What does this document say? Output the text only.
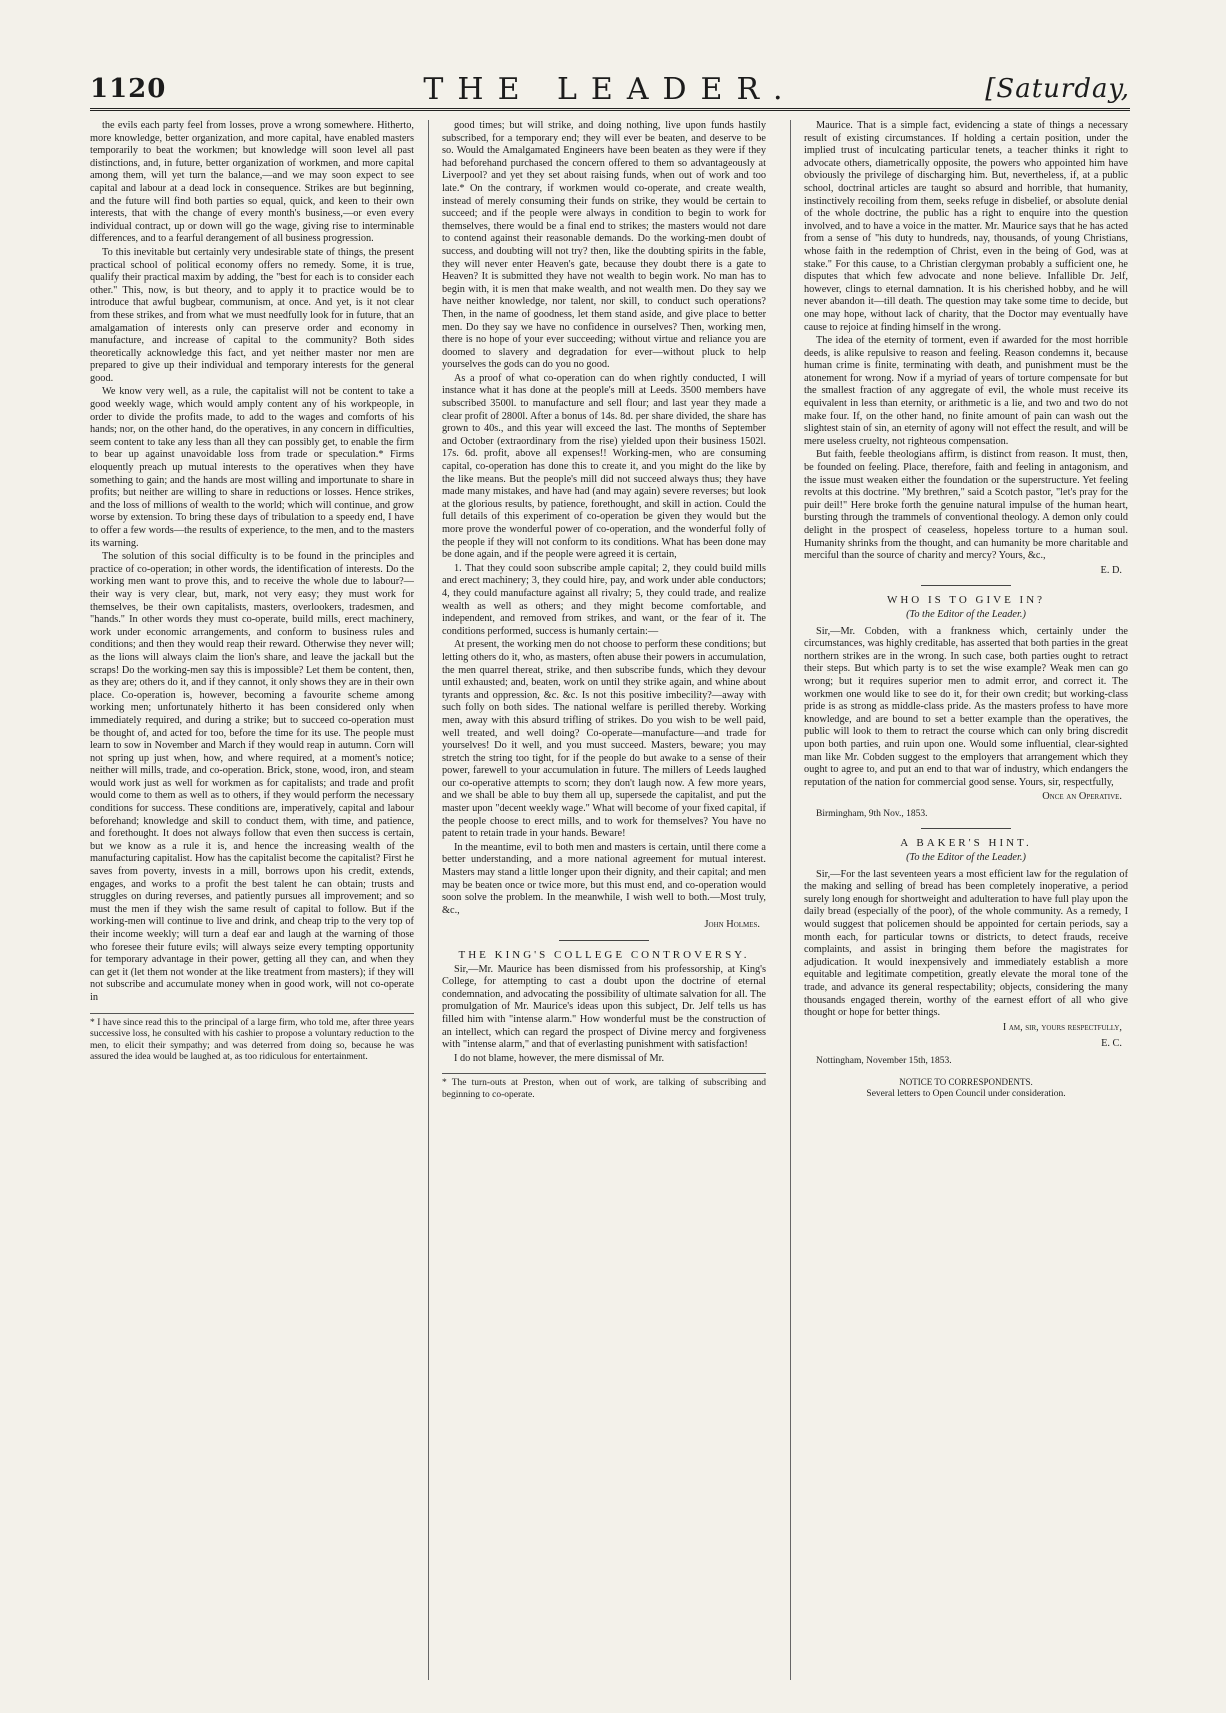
1120	THE LEADER.	[Saturday,

the evils each party feel from losses, prove a wrong somewhere. Hitherto, more knowledge, better organization, and more capital, have enabled masters temporarily to beat the workmen; but knowledge will soon level all past distinctions, and, in future, better organization of workmen, and more capital among them, will yet turn the balance,—and we may soon expect to see capital and labour at a dead lock in consequence. Strikes are but beginning, and the future will find both parties so equal, quick, and keen to their own interests, that with the change of every month's business,—or even every individual contract, up or down will go the wage, giving rise to interminable differences, and to a fearful derangement of all business progression.

To this inevitable but certainly very undesirable state of things, the present practical school of political economy offers no remedy. Some, it is true, qualify their practical maxim by adding, the "best for each is to consider each other." This, now, is but theory, and to apply it to practice would be to introduce that awful bugbear, communism, at once. And yet, is it not clear from these strikes, and from what we must needfully look for in future, that an amalgamation of interests only can preserve order and economy in manufacture, and increase of capital to the community? Both sides theoretically acknowledge this fact, and yet neither master nor men are prepared to give up their individual and temporary interests for the general good.

We know very well, as a rule, the capitalist will not be content to take a good weekly wage, which would amply content any of his workpeople, in order to divide the profits made, to add to the wages and comforts of his hands; nor, on the other hand, do the operatives, in any concern in difficulties, seem content to take any less than all they can possibly get, to enable the firm to bear up against unavoidable loss from trade or speculation.* Firms eloquently preach up mutual interests to the operatives when they have something to gain; and the hands are most willing and importunate to share in profits; but neither are willing to share in reductions or losses. Hence strikes, and the loss of millions of wealth to the world; which will continue, and grow worse by extension. To bring these days of tribulation to a speedy end, I have to offer a few words—the results of experience, to the men, and to the masters its warning.

The solution of this social difficulty is to be found in the principles and practice of co-operation; in other words, the identification of interests. Do the working men want to prove this, and to receive the whole due to labour?—their way is very clear, but, mark, not very easy; they must work for themselves, be their own capitalists, masters, overlookers, tradesmen, and "hands." In other words they must co-operate, build mills, erect machinery, work under economic arrangements, and conform to business rules and conditions; and then they would reap their reward. Otherwise they never will; as the lions will always claim the lion's share, and leave the jackall but the scraps! Do the working-men say this is impossible? Let them be content, then, as they are; others do it, and if they cannot, it only shows they are in their own place. Co-operation is, however, becoming a favourite scheme among working men; unfortunately hitherto it has been considered only when immediately required, and during a strike; but to succeed co-operation must be thought of, and acted for too, before the time for its use. The people must learn to sow in November and March if they would reap in autumn. Corn will not spring up just when, how, and where required, at a moment's notice; neither will mills, trade, and co-operation. Brick, stone, wood, iron, and steam would work just as well for workmen as for capitalists; and trade and profit would come to them as well as to others, if they would perform the necessary conditions for success. These conditions are, imperatively, capital and labour beforehand; knowledge and skill to conduct them, with time, and patience, and forethought. It does not always follow that even then success is certain, but we know as a rule it is, and hence the increasing wealth of the manufacturing capitalist. How has the capitalist become the capitalist? First he saves from poverty, invests in a mill, borrows upon his credit, extends, engages, and works to a profit the best talent he can obtain; trusts and struggles on during reverses, and patiently pursues all improvement; and so must the men if they wish the same result of capital to follow. But if the working-men will continue to live and drink, and cheap trip to the very top of their income weekly; will turn a deaf ear and laugh at the warning of those who foresee their future evils; will always seize every tempting opportunity for temporary advantage in their power, getting all they can, and when they can get it (let them not wonder at the like treatment from masters); if they will not subscribe and accumulate money when in good work, will not co-operate in

* I have since read this to the principal of a large firm, who told me, after three years successive loss, he consulted with his cashier to propose a voluntary reduction to the men, to elicit their sympathy; and was deterred from doing so, because he was assured the idea would be laughed at, as too ridiculous for entertainment.

good times; but will strike, and doing nothing, live upon funds hastily subscribed, for a temporary end; they will ever be beaten, and deserve to be so. Would the Amalgamated Engineers have been beaten as they were if they had beforehand purchased the concern offered to them so advantageously at Liverpool? and yet they set about raising funds, when out of work and too late.* On the contrary, if workmen would co-operate, and create wealth, instead of merely consuming their funds on strike, they would be certain to succeed; and if the people were always in condition to begin to work for themselves, there would be a final end to strikes; the masters would not dare to contend against their reasonable demands. Do the working-men doubt of success, and doubting will not try? then, like the doubting spirits in the fable, they will never enter Heaven's gate, because they doubt there is a gate to Heaven? It is submitted they have not wealth to begin work. No man has to begin with, it is men that make wealth, and not wealth men. Do they say we have neither knowledge, nor talent, nor skill, to conduct such operations? Then, in the name of goodness, let them stand aside, and give place to better men. Do they say we have no confidence in ourselves? Then, working men, there is no hope of your ever succeeding; without virtue and reliance you are doomed to slavery and degradation for ever—without pluck to help yourselves the gods can do you no good.

As a proof of what co-operation can do when rightly conducted, I will instance what it has done at the people's mill at Leeds. 3500 members have subscribed 3500l. to manufacture and sell flour; and last year they made a clear profit of 2800l. After a bonus of 14s. 8d. per share divided, the share has grown to 40s., and this year will exceed the last. The months of September and October (extraordinary from the rise) yielded upon their business 1502l. 17s. 6d. profit, above all expenses!! Working-men, who are consuming capital, co-operation has done this to create it, and you might do the like by the like means. But the people's mill did not succeed always thus; they have made many mistakes, and have had (and may again) severe reverses; but look at the glorious results, by patience, forethought, and skill in action. Could the full details of this experiment of co-operation be given they would but the more prove the wonderful power of co-operation, and the wonderful folly of the people if they will not conform to its conditions. What has been done may be done again, and if the people were agreed it is certain,

1. That they could soon subscribe ample capital; 2, they could build mills and erect machinery; 3, they could hire, pay, and work under able conductors; 4, they could manufacture against all rivalry; 5, they could trade, and realize wealth as well as others; and they might become comfortable, and independent, and removed from strikes, and want, or the fear of it. The conditions performed, success is humanly certain:—

At present, the working men do not choose to perform these conditions; but letting others do it, who, as masters, often abuse their powers in accumulation, the men quarrel thereat, strike, and then subscribe funds, which they devour until exhausted; and, beaten, work on until they strike again, and whine about tyrants and oppression, &c. &c. Is not this positive imbecility?—away with such folly on both sides. The national welfare is perilled thereby. Working men, away with this absurd trifling of strikes. Do you wish to be well paid, well treated, and well doing? Co-operate—manufacture—and trade for yourselves! Do it well, and you must succeed. Masters, beware; you may stretch the string too tight, for if the people do but awake to a sense of their power, farewell to your accumulation in future. The millers of Leeds laughed our co-operative attempts to scorn; they don't laugh now. A few more years, and we shall be able to buy them all up, supersede the capitalist, and put the master upon "decent weekly wage." What will become of your fixed capital, if the people choose to erect mills, and to work for themselves? You have no patent to retain trade in your hands. Beware!

In the meantime, evil to both men and masters is certain, until there come a better understanding, and a more national agreement for mutual interest. Masters may stand a little longer upon their dignity, and their capital; and men may be beaten once or twice more, but this must end, and co-operation would soon solve the problem. In the meanwhile, I wish well to both.—Most truly, &c.,

John Holmes.
THE KING'S COLLEGE CONTROVERSY.

Sir,—Mr. Maurice has been dismissed from his professorship, at King's College, for attempting to cast a doubt upon the doctrine of eternal condemnation, and advocating the possibility of ultimate salvation for all. The promulgation of Mr. Maurice's ideas upon this subject, Dr. Jelf tells us has filled him with "intense alarm." How wonderful must be the construction of an intellect, which can regard the prospect of Divine mercy and forgiveness with "intense alarm," and that of everlasting punishment with satisfaction!

I do not blame, however, the mere dismissal of Mr.

* The turn-outs at Preston, when out of work, are talking of subscribing and beginning to co-operate.

Maurice. That is a simple fact, evidencing a state of things a necessary result of existing circumstances. If holding a certain position, under the implied trust of inculcating particular tenets, a teacher thinks it right to advocate others, diametrically opposite, the powers who appointed him have obviously the privilege of discharging him. But, nevertheless, if, at a public school, doctrinal articles are taught so absurd and horrible, that humanity, instinctively recoiling from them, seeks refuge in disbelief, or absolute denial of the whole doctrine, the public has a right to enquire into the question involved, and to have a voice in the matter. Mr. Maurice says that he has acted from a sense of "his duty to hundreds, nay, thousands, of young Christians, whose faith in the redemption of Christ, even in the being of God, was at stake." For this cause, to a Christian clergyman probably a sufficient one, he disputes that which few advocate and none believe. Infallible Dr. Jelf, however, clings to eternal damnation. It is his cherished hobby, and he will never abandon it—till death. The question may take some time to decide, but one may hope, without lack of charity, that the Doctor may eventually have cause to rejoice at finding himself in the wrong.

The idea of the eternity of torment, even if awarded for the most horrible deeds, is alike repulsive to reason and feeling. Reason condemns it, because human crime is finite, terminating with death, and punishment must be the atonement for wrong. Now if a myriad of years of torture compensate for but the smallest fraction of any aggregate of evil, the whole must receive its equivalent in less than eternity, or arithmetic is a lie, and two and two do not make four. If, on the other hand, no finite amount of pain can wash out the slightest stain of sin, an eternity of agony will not effect the result, and will be mere useless cruelty, not righteous compensation.

But faith, feeble theologians affirm, is distinct from reason. It must, then, be founded on feeling. Place, therefore, faith and feeling in antagonism, and the issue must weaken either the foundation or the superstructure. Yet feeling revolts at this doctrine. "My brethren," said a Scotch pastor, "let's pray for the puir deil!" Here broke forth the genuine natural impulse of the human heart, bursting through the trammels of conventional theology. A demon only could delight in the prospect of ceaseless, hopeless torture to a human soul. Humanity shrinks from the thought, and can humanity be more charitable and merciful than the source of charity and mercy? Yours, &c.,

E. D.
WHO IS TO GIVE IN?
(To the Editor of the Leader.)

Sir,—Mr. Cobden, with a frankness which, certainly under the circumstances, was highly creditable, has asserted that both parties in the great northern strikes are in the wrong. In such case, both parties ought to retract their steps. But which party is to set the wise example? Weak men can go wrong; but it requires superior men to admit error, and correct it. The workmen one would like to see do it, for their own credit; but working-class pride is as strong as middle-class pride. As the masters profess to have more knowledge, and are bound to set a better example than the operatives, the public will look to them to retract the course which can only bring discredit upon both parties, and ruin upon one. Would some influential, clear-sighted man like Mr. Cobden suggest to the employers that arrangement which they ought to agree to, and put an end to that war of industry, which endangers the reputation of the nation for commercial good sense. Yours, sir, respectfully,

Once an Operative.
Birmingham, 9th Nov., 1853.
A BAKER'S HINT.
(To the Editor of the Leader.)

Sir,—For the last seventeen years a most efficient law for the regulation of the making and selling of bread has been completely inoperative, a period surely long enough for shortweight and adulteration to have full play upon the daily bread (especially of the poor), of the whole community. As a remedy, I would suggest that policemen should be appointed for certain periods, say a month each, for particular towns or districts, to detect frauds, receive complaints, and assist in bringing them before the magistrates for adjudication. It would inexpensively and immediately establish a more equitable and legitimate competition, greatly elevate the moral tone of the trade, and advance its general respectability; objects, considering the many thousands engaged therein, worthy of the earnest effort of all who give thought or hope for better things.

I am, sir, yours respectfully,
E. C.
Nottingham, November 15th, 1853.
NOTICE TO CORRESPONDENTS.
Several letters to Open Council under consideration.
